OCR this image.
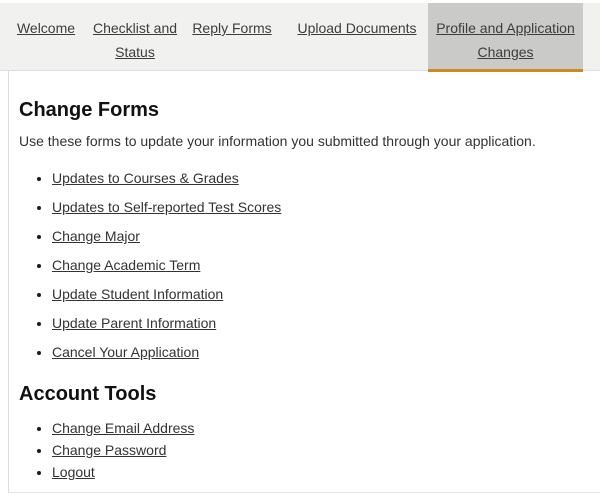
Welcome	Checklist and Status
Reply Forms	Upload Documents	Profile and Application Changes
Change Forms

Use these forms to update your information you submitted through your application.

• Updates to Courses & Grades
• Updates to Self-reported Test Scores
• Change Major
• Change Academic Term
• Update Student Information
• Update Parent Information
• Cancel Your Application
Account Tools
• Change Email Address
• Change Password
• Logout
